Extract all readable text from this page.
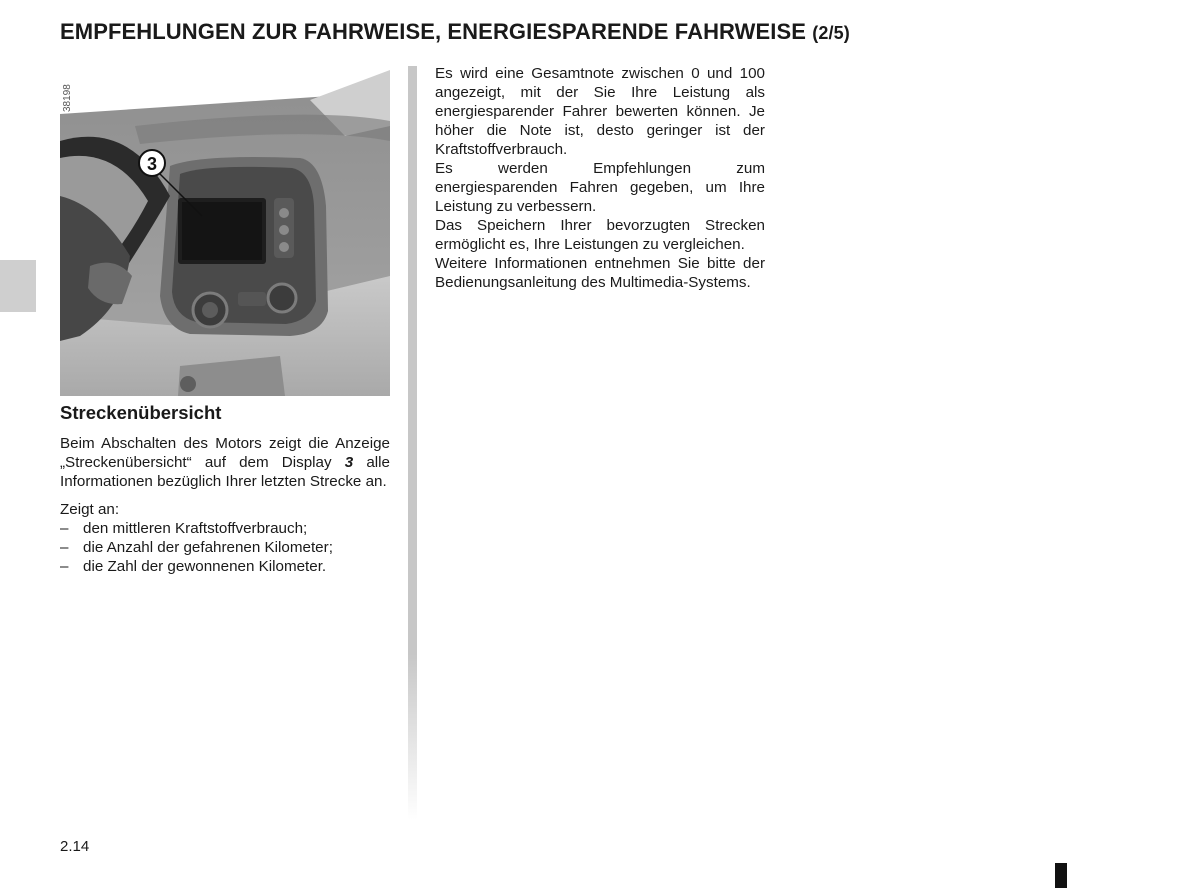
EMPFEHLUNGEN ZUR FAHRWEISE, ENERGIESPARENDE FAHRWEISE (2/5)
3
38198
Streckenübersicht

Beim Abschalten des Motors zeigt die Anzeige „Streckenübersicht“ auf dem Display 3 alle Informationen bezüglich Ihrer letzten Strecke an.

Zeigt an:

– den mittleren Kraftstoffverbrauch;
– die Anzahl der gefahrenen Kilometer;
– die Zahl der gewonnenen Kilometer.

Es wird eine Gesamtnote zwischen 0 und 100 angezeigt, mit der Sie Ihre Leistung als energiesparender Fahrer bewerten können. Je höher die Note ist, desto geringer ist der Kraftstoffverbrauch.

Es werden Empfehlungen zum energiesparenden Fahren gegeben, um Ihre Leistung zu verbessern.

Das Speichern Ihrer bevorzugten Strecken ermöglicht es, Ihre Leistungen zu vergleichen.

Weitere Informationen entnehmen Sie bitte der Bedienungsanleitung des Multimedia-Systems.

2.14
